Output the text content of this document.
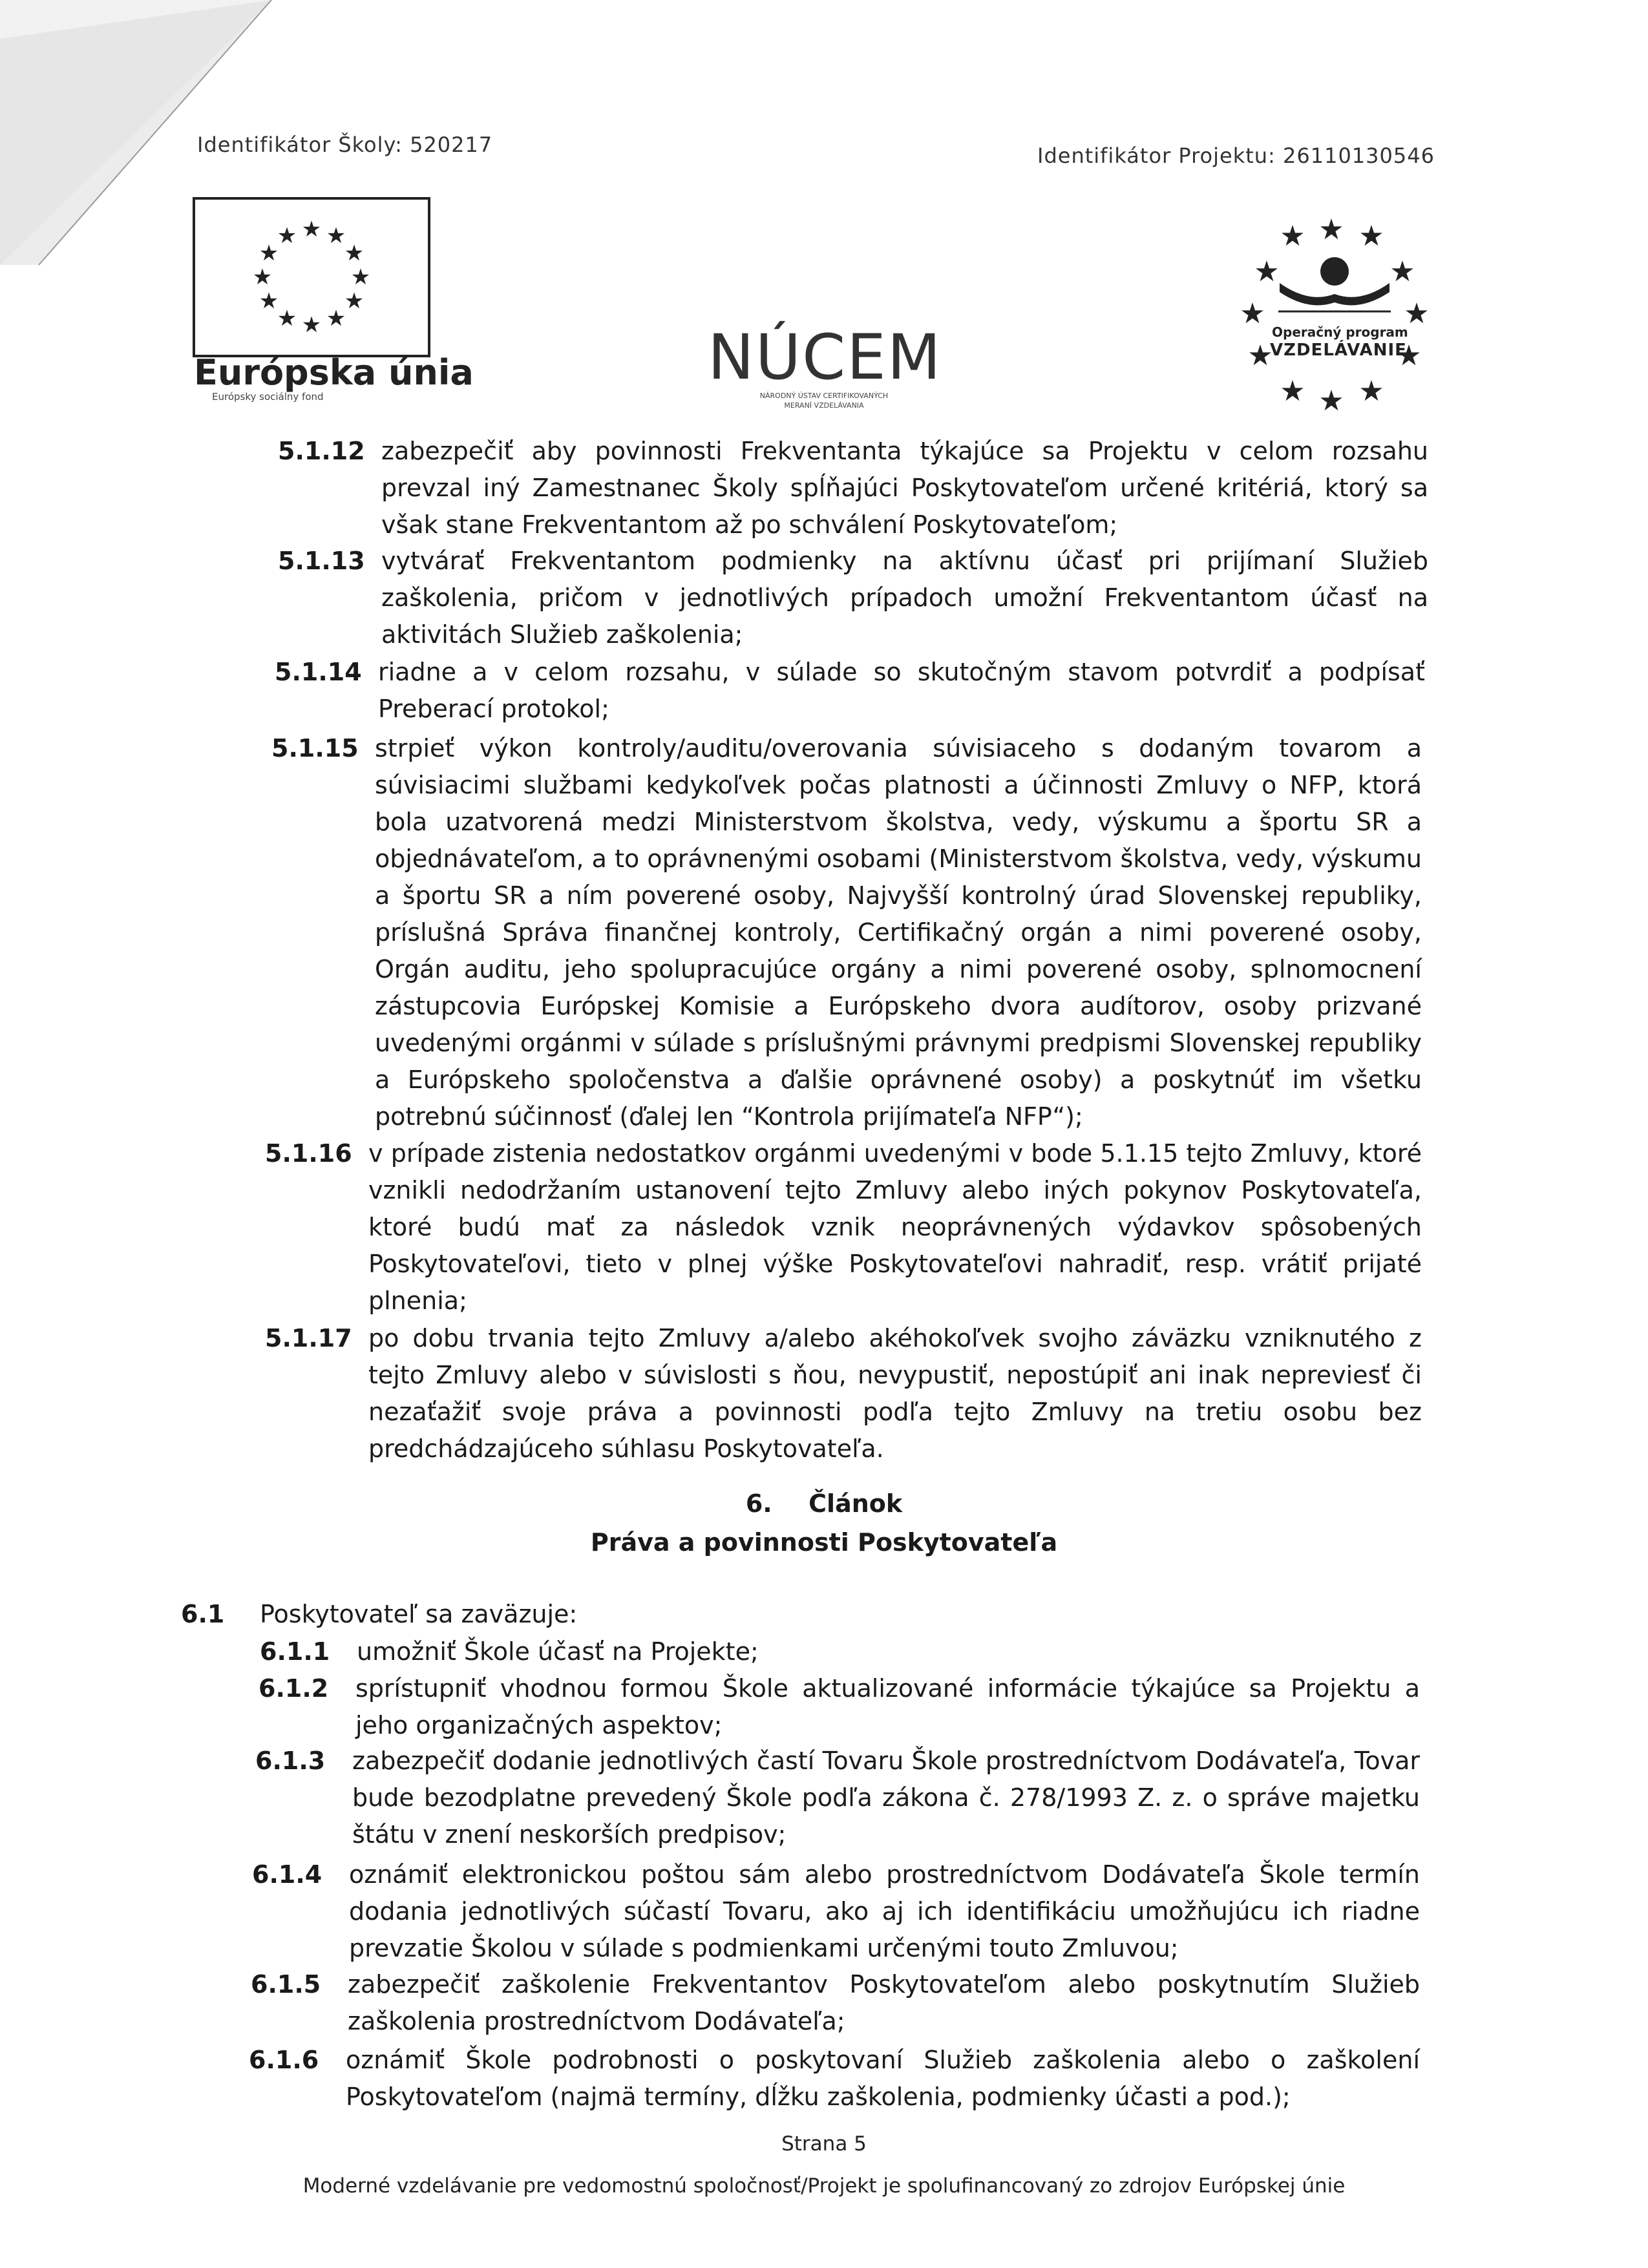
Identifikátor Školy: 520217	Identifikátor Projektu: 26110130546
★ ★
★
★
★
★
★
★
★
★
★
★
Európska únia
Európsky sociálny fond
NÚCEM
NÁRODNÝ ÚSTAV CERTIFIKOVANÝCH
MERANÍ VZDELÁVANIA
★ ★ ★
★	★
★	★
★	★
★ ★ ★
Operačný program
VZDELÁVANIE
5.1.12 zabezpečiť aby povinnosti Frekventanta týkajúce sa Projektu v celom rozsahu prevzal iný Zamestnanec Školy spĺňajúci Poskytovateľom určené kritériá, ktorý sa však stane Frekventantom až po schválení Poskytovateľom;
5.1.13 vytvárať Frekventantom podmienky na aktívnu účasť pri prijímaní Služieb zaškolenia, pričom v jednotlivých prípadoch umožní Frekventantom účasť na aktivitách Služieb zaškolenia;
5.1.14 riadne a v celom rozsahu, v súlade so skutočným stavom potvrdiť a podpísať Preberací protokol;
5.1.15 strpieť výkon kontroly/auditu/overovania súvisiaceho s dodaným tovarom a súvisiacimi službami kedykoľvek počas platnosti a účinnosti Zmluvy o NFP, ktorá bola uzatvorená medzi Ministerstvom školstva, vedy, výskumu a športu SR a objednávateľom, a to oprávnenými osobami (Ministerstvom školstva, vedy, výskumu a športu SR a ním poverené osoby, Najvyšší kontrolný úrad Slovenskej republiky, príslušná Správa finančnej kontroly, Certifikačný orgán a nimi poverené osoby, Orgán auditu, jeho spolupracujúce orgány a nimi poverené osoby, splnomocnení zástupcovia Európskej Komisie a Európskeho dvora audítorov, osoby prizvané uvedenými orgánmi v súlade s príslušnými právnymi predpismi Slovenskej republiky a Európskeho spoločenstva a ďalšie oprávnené osoby) a poskytnúť im všetku potrebnú súčinnosť (ďalej len “Kontrola prijímateľa NFP“);
5.1.16 v prípade zistenia nedostatkov orgánmi uvedenými v bode 5.1.15 tejto Zmluvy, ktoré vznikli nedodržaním ustanovení tejto Zmluvy alebo iných pokynov Poskytovateľa, ktoré budú mať za následok vznik neoprávnených výdavkov spôsobených Poskytovateľovi, tieto v plnej výške Poskytovateľovi nahradiť, resp. vrátiť prijaté plnenia;
5.1.17 po dobu trvania tejto Zmluvy a/alebo akéhokoľvek svojho záväzku vzniknutého z tejto Zmluvy alebo v súvislosti s ňou, nevypustiť, nepostúpiť ani inak nepreviesť či nezaťažiť svoje práva a povinnosti podľa tejto Zmluvy na tretiu osobu bez predchádzajúceho súhlasu Poskytovateľa.
6. Článok
Práva a povinnosti Poskytovateľa
6.1 Poskytovateľ sa zaväzuje:
6.1.1 umožniť Škole účasť na Projekte;
6.1.2 sprístupniť vhodnou formou Škole aktualizované informácie týkajúce sa Projektu a jeho organizačných aspektov;
6.1.3 zabezpečiť dodanie jednotlivých častí Tovaru Škole prostredníctvom Dodávateľa, Tovar bude bezodplatne prevedený Škole podľa zákona č. 278/1993 Z. z. o správe majetku štátu v znení neskorších predpisov;
6.1.4 oznámiť elektronickou poštou sám alebo prostredníctvom Dodávateľa Škole termín dodania jednotlivých súčastí Tovaru, ako aj ich identifikáciu umožňujúcu ich riadne prevzatie Školou v súlade s podmienkami určenými touto Zmluvou;
6.1.5 zabezpečiť zaškolenie Frekventantov Poskytovateľom alebo poskytnutím Služieb zaškolenia prostredníctvom Dodávateľa;
6.1.6 oznámiť Škole podrobnosti o poskytovaní Služieb zaškolenia alebo o zaškolení Poskytovateľom (najmä termíny, dĺžku zaškolenia, podmienky účasti a pod.);
Strana 5
Moderné vzdelávanie pre vedomostnú spoločnosť/Projekt je spolufinancovaný zo zdrojov Európskej únie
